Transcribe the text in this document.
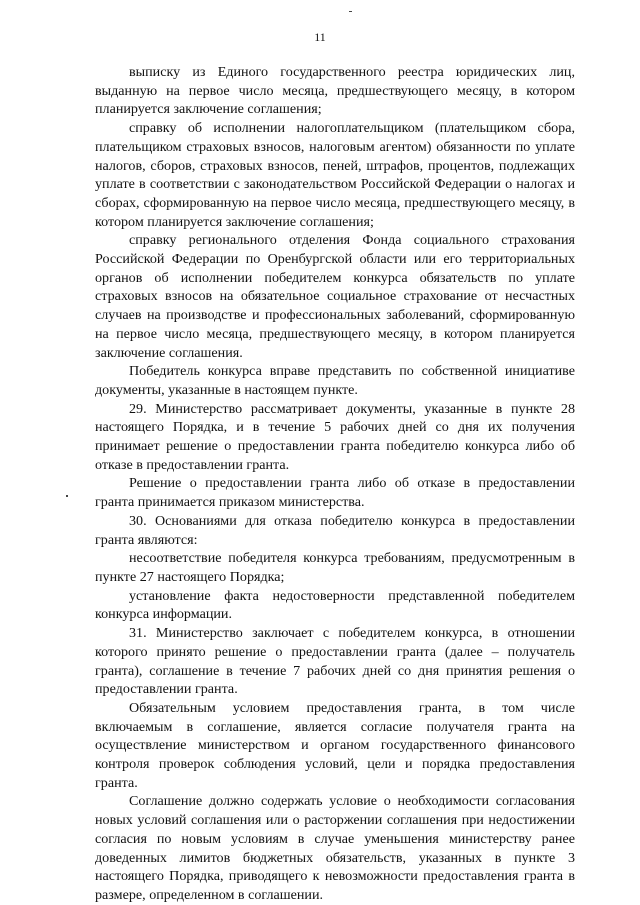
11

выписку из Единого государственного реестра юридических лиц, выданную на первое число месяца, предшествующего месяцу, в котором планируется заключение соглашения;

справку об исполнении налогоплательщиком (плательщиком сбора, плательщиком страховых взносов, налоговым агентом) обязанности по уплате налогов, сборов, страховых взносов, пеней, штрафов, процентов, подлежащих уплате в соответствии с законодательством Российской Федерации о налогах и сборах, сформированную на первое число месяца, предшествующего месяцу, в котором планируется заключение соглашения;

справку регионального отделения Фонда социального страхования Российской Федерации по Оренбургской области или его территориальных органов об исполнении победителем конкурса обязательств по уплате страховых взносов на обязательное социальное страхование от несчастных случаев на производстве и профессиональных заболеваний, сформированную на первое число месяца, предшествующего месяцу, в котором планируется заключение соглашения.

Победитель конкурса вправе представить по собственной инициативе документы, указанные в настоящем пункте.

29. Министерство рассматривает документы, указанные в пункте 28 настоящего Порядка, и в течение 5 рабочих дней со дня их получения принимает решение о предоставлении гранта победителю конкурса либо об отказе в предоставлении гранта.

Решение о предоставлении гранта либо об отказе в предоставлении гранта принимается приказом министерства.

30. Основаниями для отказа победителю конкурса в предоставлении гранта являются:

несоответствие победителя конкурса требованиям, предусмотренным в пункте 27 настоящего Порядка;

установление факта недостоверности представленной победителем конкурса информации.

31. Министерство заключает с победителем конкурса, в отношении которого принято решение о предоставлении гранта (далее – получатель гранта), соглашение в течение 7 рабочих дней со дня принятия решения о предоставлении гранта.

Обязательным условием предоставления гранта, в том числе включаемым в соглашение, является согласие получателя гранта на осуществление министерством и органом государственного финансового контроля проверок соблюдения условий, цели и порядка предоставления гранта.

Соглашение должно содержать условие о необходимости согласования новых условий соглашения или о расторжении соглашения при недостижении согласия по новым условиям в случае уменьшения министерству ранее доведенных лимитов бюджетных обязательств, указанных в пункте 3 настоящего Порядка, приводящего к невозможности предоставления гранта в размере, определенном в соглашении.
